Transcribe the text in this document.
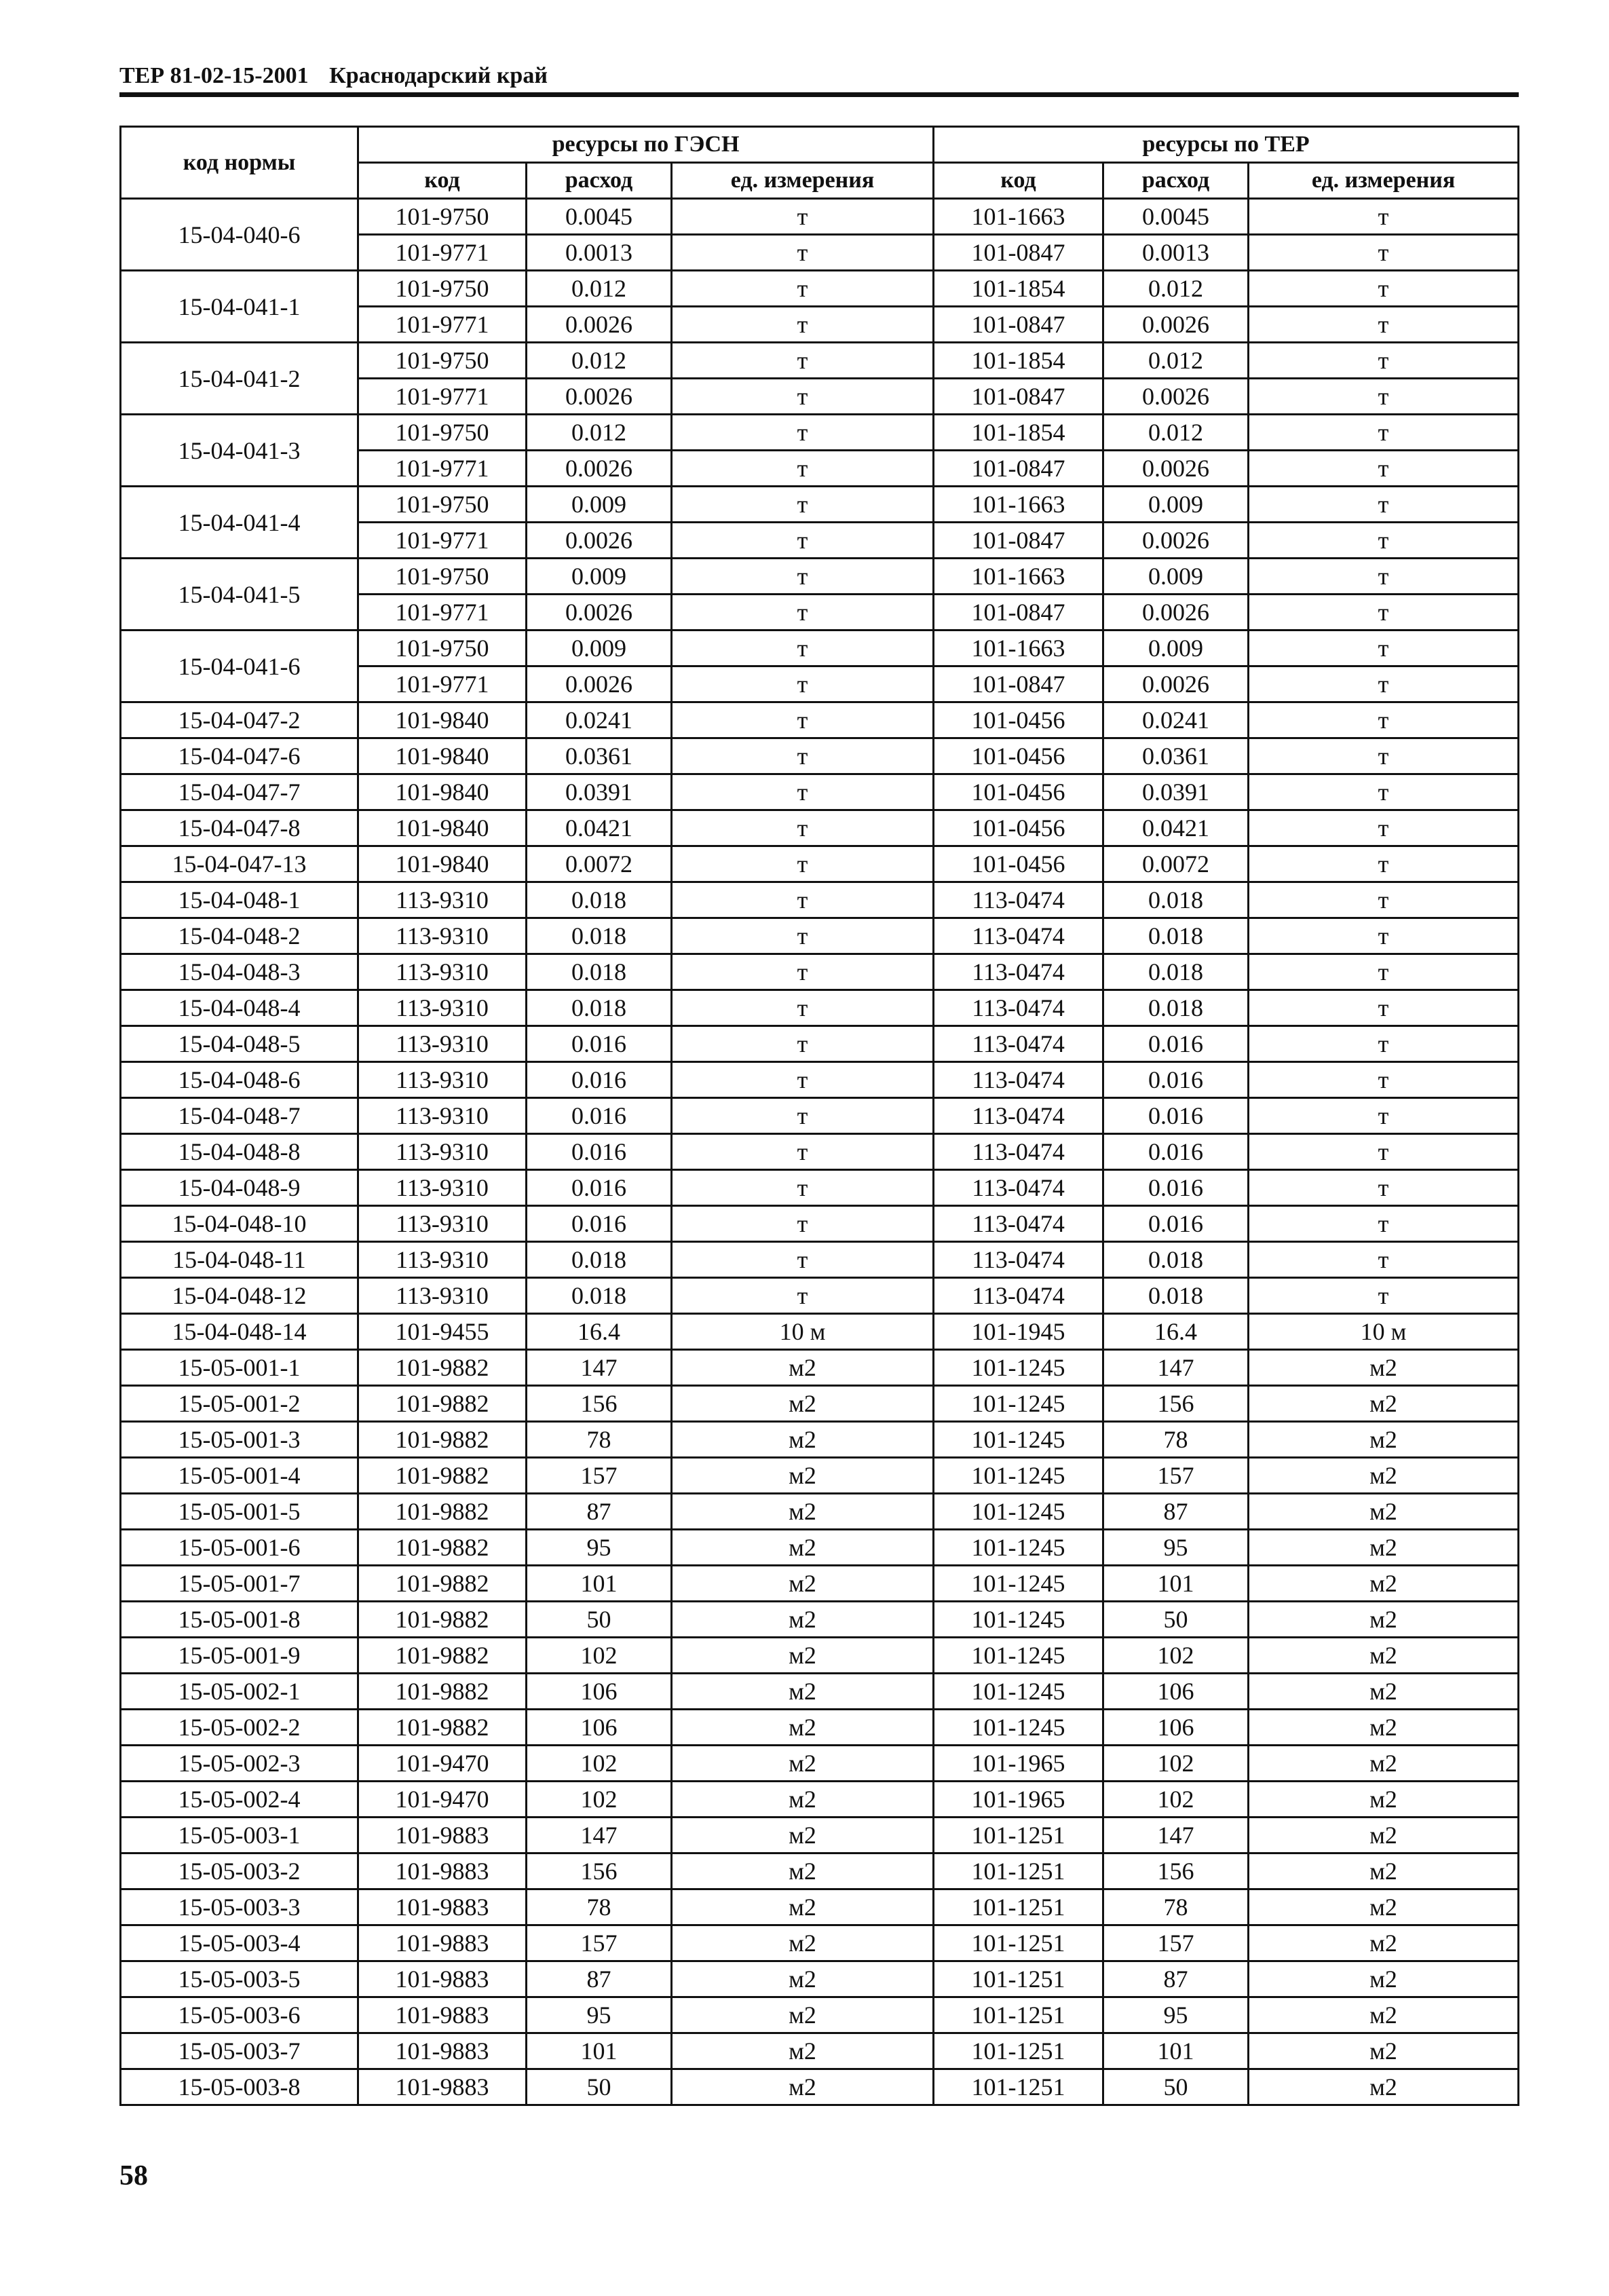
ТЕР 81-02-15-2001 Краснодарский край
код нормы	ресурсы по ГЭСН			ресурсы по ТЕР		
	код	расход	ед. измерения	код	расход	ед. измерения
15-04-040-6	101-9750	0.0045	т	101-1663	0.0045	т
	101-9771	0.0013	т	101-0847	0.0013	т
15-04-041-1	101-9750	0.012	т	101-1854	0.012	т
	101-9771	0.0026	т	101-0847	0.0026	т
15-04-041-2	101-9750	0.012	т	101-1854	0.012	т
	101-9771	0.0026	т	101-0847	0.0026	т
15-04-041-3	101-9750	0.012	т	101-1854	0.012	т
	101-9771	0.0026	т	101-0847	0.0026	т
15-04-041-4	101-9750	0.009	т	101-1663	0.009	т
	101-9771	0.0026	т	101-0847	0.0026	т
15-04-041-5	101-9750	0.009	т	101-1663	0.009	т
	101-9771	0.0026	т	101-0847	0.0026	т
15-04-041-6	101-9750	0.009	т	101-1663	0.009	т
	101-9771	0.0026	т	101-0847	0.0026	т
15-04-047-2	101-9840	0.0241	т	101-0456	0.0241	т
15-04-047-6	101-9840	0.0361	т	101-0456	0.0361	т
15-04-047-7	101-9840	0.0391	т	101-0456	0.0391	т
15-04-047-8	101-9840	0.0421	т	101-0456	0.0421	т
15-04-047-13	101-9840	0.0072	т	101-0456	0.0072	т
15-04-048-1	113-9310	0.018	т	113-0474	0.018	т
15-04-048-2	113-9310	0.018	т	113-0474	0.018	т
15-04-048-3	113-9310	0.018	т	113-0474	0.018	т
15-04-048-4	113-9310	0.018	т	113-0474	0.018	т
15-04-048-5	113-9310	0.016	т	113-0474	0.016	т
15-04-048-6	113-9310	0.016	т	113-0474	0.016	т
15-04-048-7	113-9310	0.016	т	113-0474	0.016	т
15-04-048-8	113-9310	0.016	т	113-0474	0.016	т
15-04-048-9	113-9310	0.016	т	113-0474	0.016	т
15-04-048-10	113-9310	0.016	т	113-0474	0.016	т
15-04-048-11	113-9310	0.018	т	113-0474	0.018	т
15-04-048-12	113-9310	0.018	т	113-0474	0.018	т
15-04-048-14	101-9455	16.4	10 м	101-1945	16.4	10 м
15-05-001-1	101-9882	147	м2	101-1245	147	м2
15-05-001-2	101-9882	156	м2	101-1245	156	м2
15-05-001-3	101-9882	78	м2	101-1245	78	м2
15-05-001-4	101-9882	157	м2	101-1245	157	м2
15-05-001-5	101-9882	87	м2	101-1245	87	м2
15-05-001-6	101-9882	95	м2	101-1245	95	м2
15-05-001-7	101-9882	101	м2	101-1245	101	м2
15-05-001-8	101-9882	50	м2	101-1245	50	м2
15-05-001-9	101-9882	102	м2	101-1245	102	м2
15-05-002-1	101-9882	106	м2	101-1245	106	м2
15-05-002-2	101-9882	106	м2	101-1245	106	м2
15-05-002-3	101-9470	102	м2	101-1965	102	м2
15-05-002-4	101-9470	102	м2	101-1965	102	м2
15-05-003-1	101-9883	147	м2	101-1251	147	м2
15-05-003-2	101-9883	156	м2	101-1251	156	м2
15-05-003-3	101-9883	78	м2	101-1251	78	м2
15-05-003-4	101-9883	157	м2	101-1251	157	м2
15-05-003-5	101-9883	87	м2	101-1251	87	м2
15-05-003-6	101-9883	95	м2	101-1251	95	м2
15-05-003-7	101-9883	101	м2	101-1251	101	м2
15-05-003-8	101-9883	50	м2	101-1251	50	м2
58
